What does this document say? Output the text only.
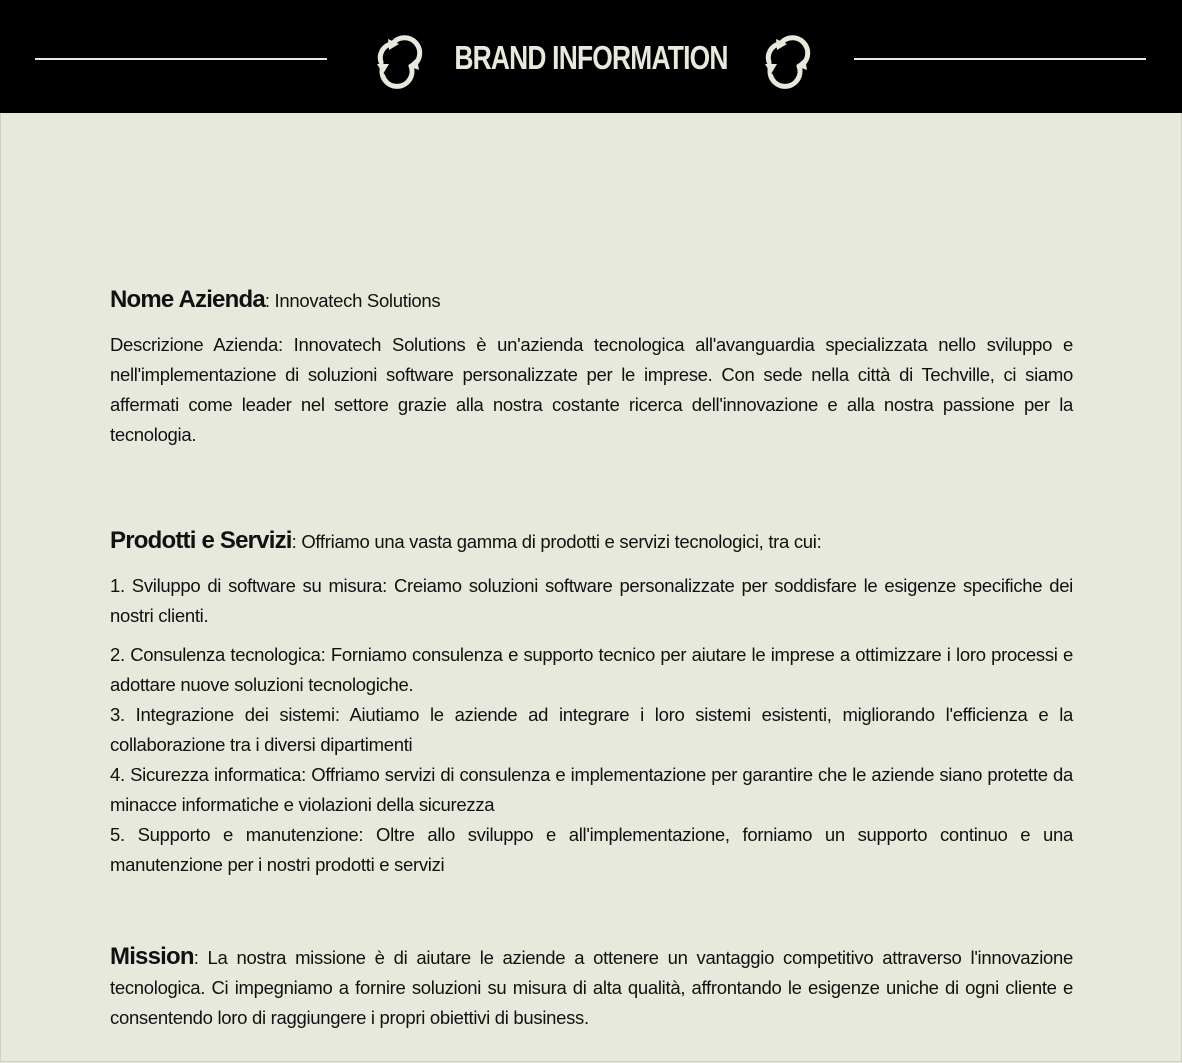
BRAND INFORMATION

Nome Azienda: Innovatech Solutions

Descrizione Azienda: Innovatech Solutions è un'azienda tecnologica all'avanguardia specializzata nello sviluppo e nell'implementazione di soluzioni software personalizzate per le imprese. Con sede nella città di Techville, ci siamo affermati come leader nel settore grazie alla nostra costante ricerca dell'innovazione e alla nostra passione per la tecnologia.

Prodotti e Servizi: Offriamo una vasta gamma di prodotti e servizi tecnologici, tra cui:

1. Sviluppo di software su misura: Creiamo soluzioni software personalizzate per soddisfare le esigenze specifiche dei nostri clienti.
2. Consulenza tecnologica: Forniamo consulenza e supporto tecnico per aiutare le imprese a ottimizzare i loro processi e adottare nuove soluzioni tecnologiche.
3. Integrazione dei sistemi: Aiutiamo le aziende ad integrare i loro sistemi esistenti, migliorando l'efficienza e la collaborazione tra i diversi dipartimenti
4. Sicurezza informatica: Offriamo servizi di consulenza e implementazione per garantire che le aziende siano protette da minacce informatiche e violazioni della sicurezza
5. Supporto e manutenzione: Oltre allo sviluppo e all'implementazione, forniamo un supporto continuo e una manutenzione per i nostri prodotti e servizi

Mission: La nostra missione è di aiutare le aziende a ottenere un vantaggio competitivo attraverso l'innovazione tecnologica. Ci impegniamo a fornire soluzioni su misura di alta qualità, affrontando le esigenze uniche di ogni cliente e consentendo loro di raggiungere i propri obiettivi di business.
